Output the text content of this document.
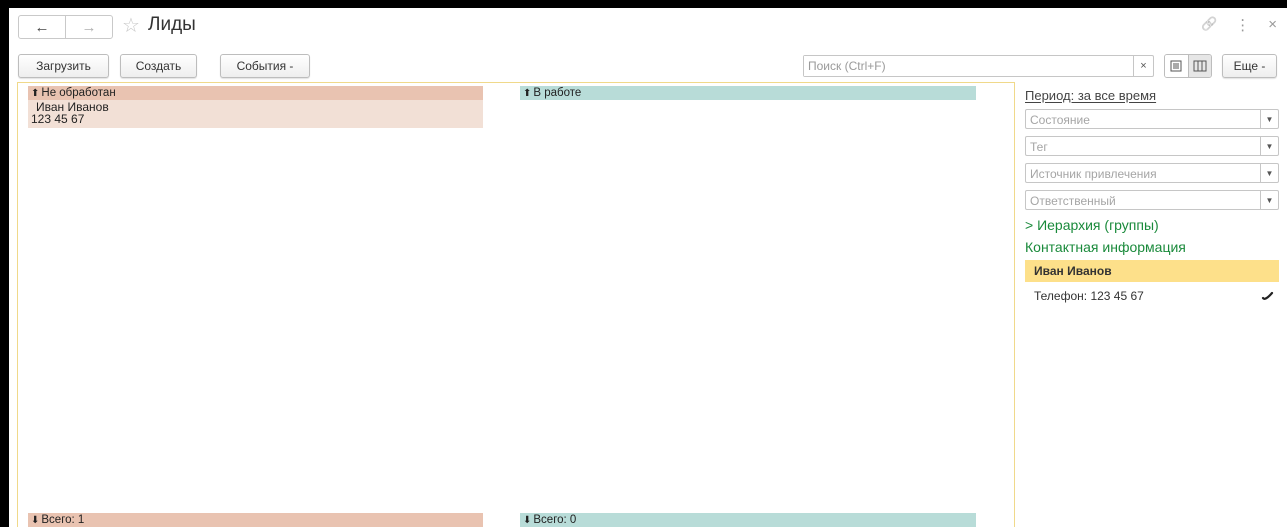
←	→	☆ Лиды	🔗 ⋮ ×
Загрузить	Создать	События -
Поиск (Ctrl+F)	×	Еще -
⬆ Не обработан
Иван Иванов
123 45 67
⬇ Всего: 1
⬆ В работе
⬇ Всего: 0
Период: за все время
Состояние	▼
Тег	▼
Источник привлечения	▼
Ответственный	▼
> Иерархия (группы)
Контактная информация
Иван Иванов
Телефон: 123 45 67
